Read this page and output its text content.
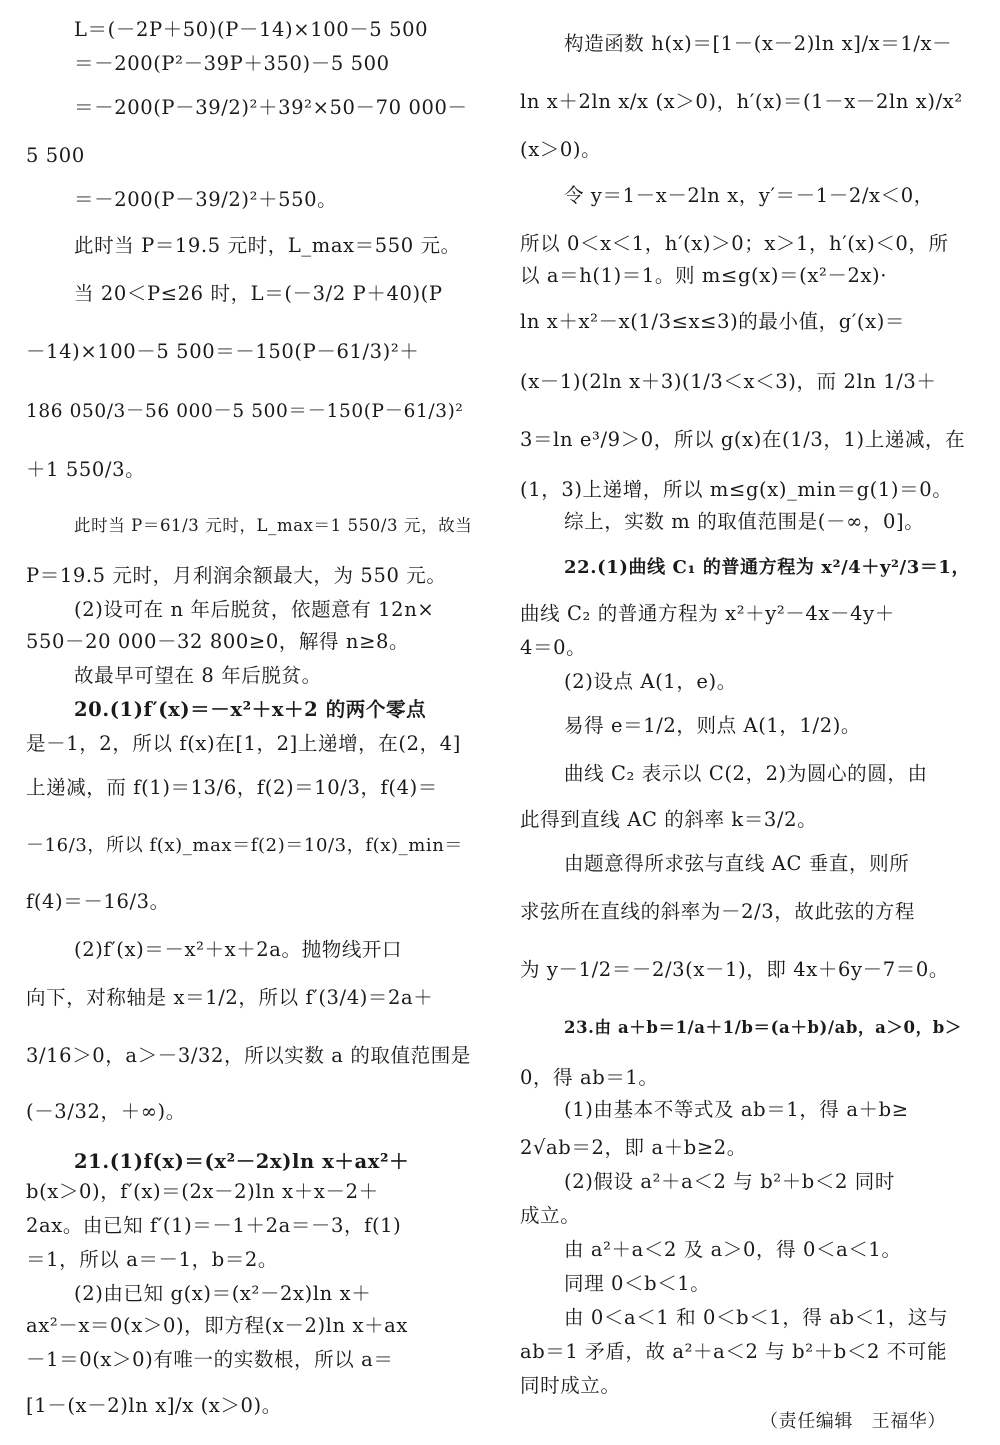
L＝(－2P＋50)(P－14)×100－5 500
＝－200(P²－39P＋350)－5 500
＝－200(P－39/2)²＋39²×50－70 000－
5 500
＝－200(P－39/2)²＋550。
此时当 P＝19.5 元时，L_max＝550 元。
当 20＜P≤26 时，L＝(－3/2 P＋40)(P
－14)×100－5 500＝－150(P－61/3)²＋
186 050/3－56 000－5 500＝－150(P－61/3)²
＋1 550/3。
此时当 P＝61/3 元时，L_max＝1 550/3 元，故当
P＝19.5 元时，月利润余额最大，为 550 元。
(2)设可在 n 年后脱贫，依题意有 12n×
550－20 000－32 800≥0，解得 n≥8。
故最早可望在 8 年后脱贫。
20.(1)f′(x)＝－x²＋x＋2 的两个零点
是－1，2，所以 f(x)在[1，2]上递增，在(2，4]
上递减，而 f(1)＝13/6，f(2)＝10/3，f(4)＝
－16/3，所以 f(x)_max＝f(2)＝10/3，f(x)_min＝
f(4)＝－16/3。
(2)f′(x)＝－x²＋x＋2a。抛物线开口
向下，对称轴是 x＝1/2，所以 f′(3/4)＝2a＋
3/16＞0，a＞－3/32，所以实数 a 的取值范围是
(－3/32，＋∞)。
21.(1)f(x)＝(x²－2x)ln x＋ax²＋
b(x＞0)，f′(x)＝(2x－2)ln x＋x－2＋
2ax。由已知 f′(1)＝－1＋2a＝－3，f(1)
＝1，所以 a＝－1，b＝2。
(2)由已知 g(x)＝(x²－2x)ln x＋
ax²－x＝0(x＞0)，即方程(x－2)ln x＋ax
－1＝0(x＞0)有唯一的实数根，所以 a＝
[1－(x－2)ln x]/x (x＞0)。
构造函数 h(x)＝[1－(x－2)ln x]/x＝1/x－
ln x＋2ln x/x (x＞0)，h′(x)＝(1－x－2ln x)/x²
(x＞0)。
令 y＝1－x－2ln x，y′＝－1－2/x＜0，
所以 0＜x＜1，h′(x)＞0；x＞1，h′(x)＜0，所
以 a＝h(1)＝1。则 m≤g(x)＝(x²－2x)·
ln x＋x²－x(1/3≤x≤3)的最小值，g′(x)＝
(x－1)(2ln x＋3)(1/3＜x＜3)，而 2ln 1/3＋
3＝ln e³/9＞0，所以 g(x)在(1/3，1)上递减，在
(1，3)上递增，所以 m≤g(x)_min＝g(1)＝0。
综上，实数 m 的取值范围是(－∞，0]。
22.(1)曲线 C₁ 的普通方程为 x²/4＋y²/3＝1，
曲线 C₂ 的普通方程为 x²＋y²－4x－4y＋
4＝0。
(2)设点 A(1，e)。
易得 e＝1/2，则点 A(1，1/2)。
曲线 C₂ 表示以 C(2，2)为圆心的圆，由
此得到直线 AC 的斜率 k＝3/2。
由题意得所求弦与直线 AC 垂直，则所
求弦所在直线的斜率为－2/3，故此弦的方程
为 y－1/2＝－2/3(x－1)，即 4x＋6y－7＝0。
23.由 a＋b＝1/a＋1/b＝(a＋b)/ab，a＞0，b＞
0，得 ab＝1。
(1)由基本不等式及 ab＝1，得 a＋b≥
2√ab＝2，即 a＋b≥2。
(2)假设 a²＋a＜2 与 b²＋b＜2 同时
成立。
由 a²＋a＜2 及 a＞0，得 0＜a＜1。
同理 0＜b＜1。
由 0＜a＜1 和 0＜b＜1，得 ab＜1，这与
ab＝1 矛盾，故 a²＋a＜2 与 b²＋b＜2 不可能
同时成立。
（责任编辑　王福华）
